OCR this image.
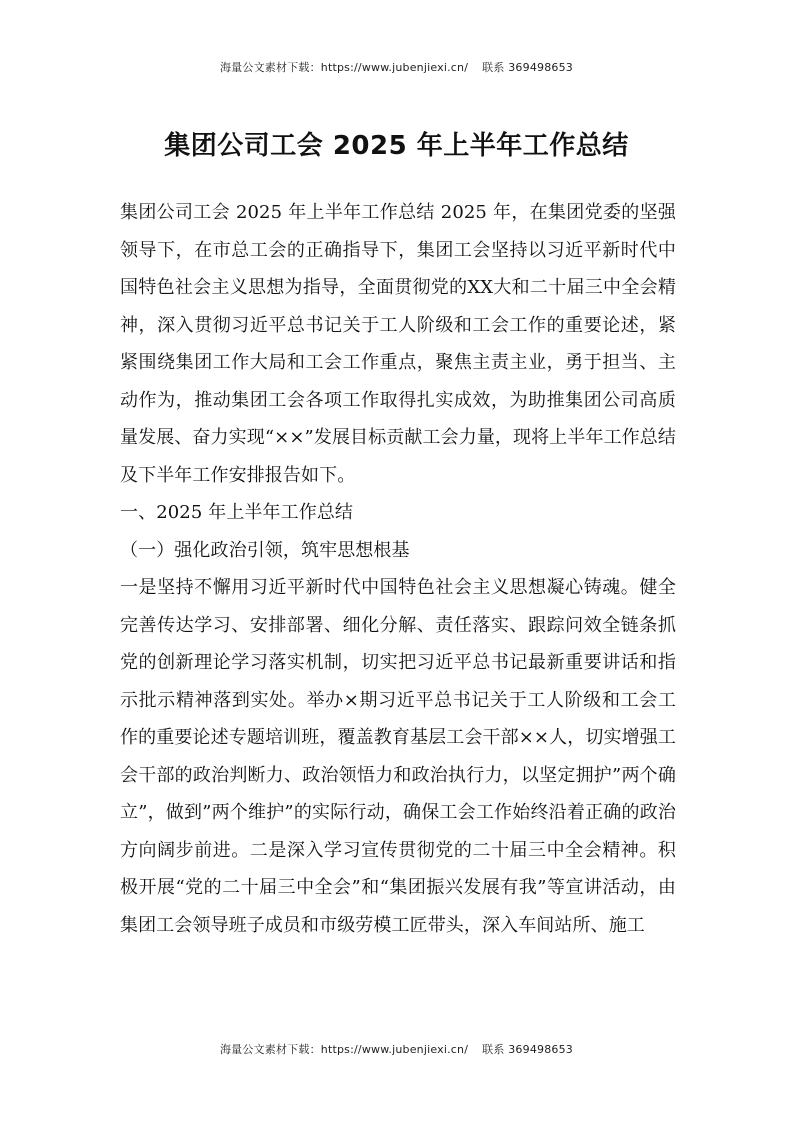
海量公文素材下载：https://www.jubenjiexi.cn/ 联系 369498653
集团公司工会 2025 年上半年工作总结

集团公司工会 2025 年上半年工作总结 2025 年，在集团党委的坚强领导下，在市总工会的正确指导下，集团工会坚持以习近平新时代中国特色社会主义思想为指导，全面贯彻党的XX大和二十届三中全会精神，深入贯彻习近平总书记关于工人阶级和工会工作的重要论述，紧紧围绕集团工作大局和工会工作重点，聚焦主责主业，勇于担当、主动作为，推动集团工会各项工作取得扎实成效，为助推集团公司高质量发展、奋力实现“××”发展目标贡献工会力量，现将上半年工作总结及下半年工作安排报告如下。

一、2025 年上半年工作总结

（一）强化政治引领，筑牢思想根基

一是坚持不懈用习近平新时代中国特色社会主义思想凝心铸魂。健全完善传达学习、安排部署、细化分解、责任落实、跟踪问效全链条抓党的创新理论学习落实机制，切实把习近平总书记最新重要讲话和指示批示精神落到实处。举办×期习近平总书记关于工人阶级和工会工作的重要论述专题培训班，覆盖教育基层工会干部××人，切实增强工会干部的政治判断力、政治领悟力和政治执行力，以坚定拥护”两个确立”，做到”两个维护”的实际行动，确保工会工作始终沿着正确的政治方向阔步前进。二是深入学习宣传贯彻党的二十届三中全会精神。积极开展“党的二十届三中全会”和“集团振兴发展有我”等宣讲活动，由集团工会领导班子成员和市级劳模工匠带头，深入车间站所、施工

海量公文素材下载：https://www.jubenjiexi.cn/ 联系 369498653
